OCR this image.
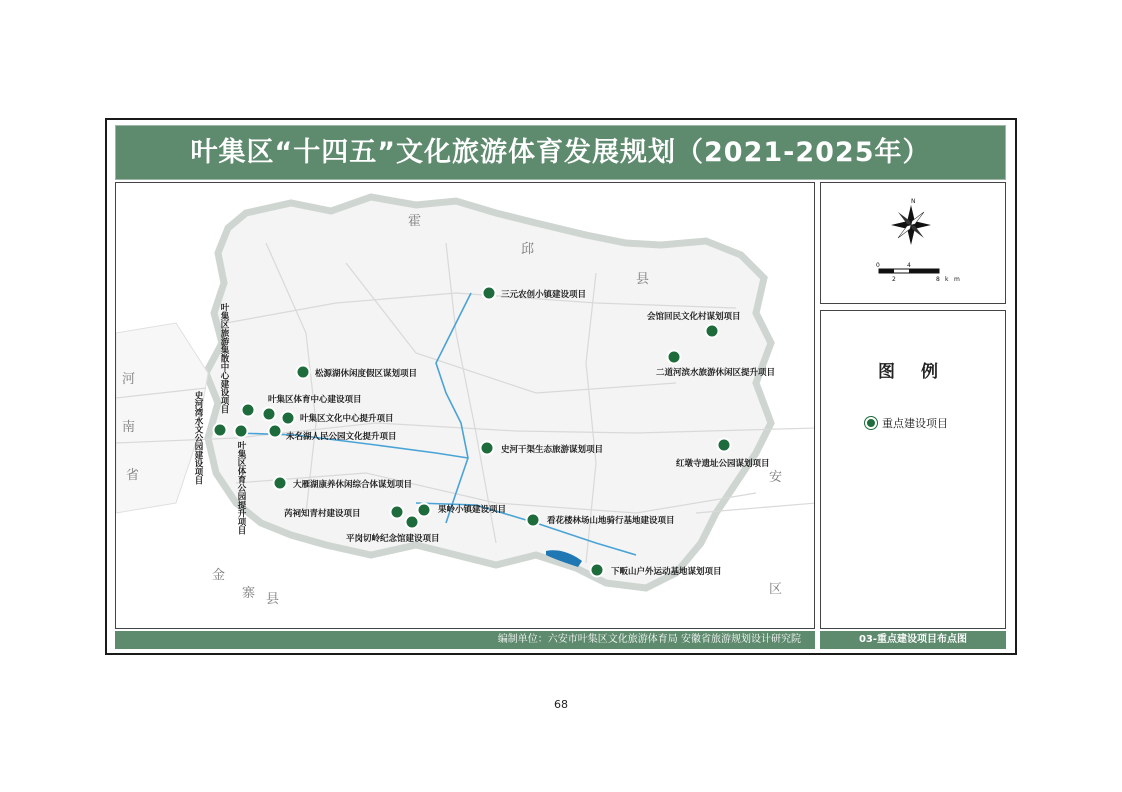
叶集区“十四五”文化旅游体育发展规划（2021-2025年）
霍
邱
县
河
南
省
金
寨 县
安
区
三元农创小镇建设项目
会馆回民文化村谋划项目
二道河滨水旅游休闲区提升项目
松源湖休闲度假区谋划项目
叶集区体育中心建设项目
叶集区文化中心提升项目
未名湖人民公园文化提升项目
史河干渠生态旅游谋划项目
红墩寺遗址公园谋划项目
大雁湖康养休闲综合体谋划项目
芮祠知青村建设项目	果岭小镇建设项目
平岗切岭纪念馆建设项目
看花楼林场山地骑行基地建设项目
下畈山户外运动基地谋划项目
叶集区旅游集散中心建设项目
史河湾水文公园建设项目
叶集区体育公园提升项目
N
0
2
4
8 k m
图 例
重点建设项目
编制单位：六安市叶集区文化旅游体育局 安徽省旅游规划设计研究院	03-重点建设项目布点图
68
